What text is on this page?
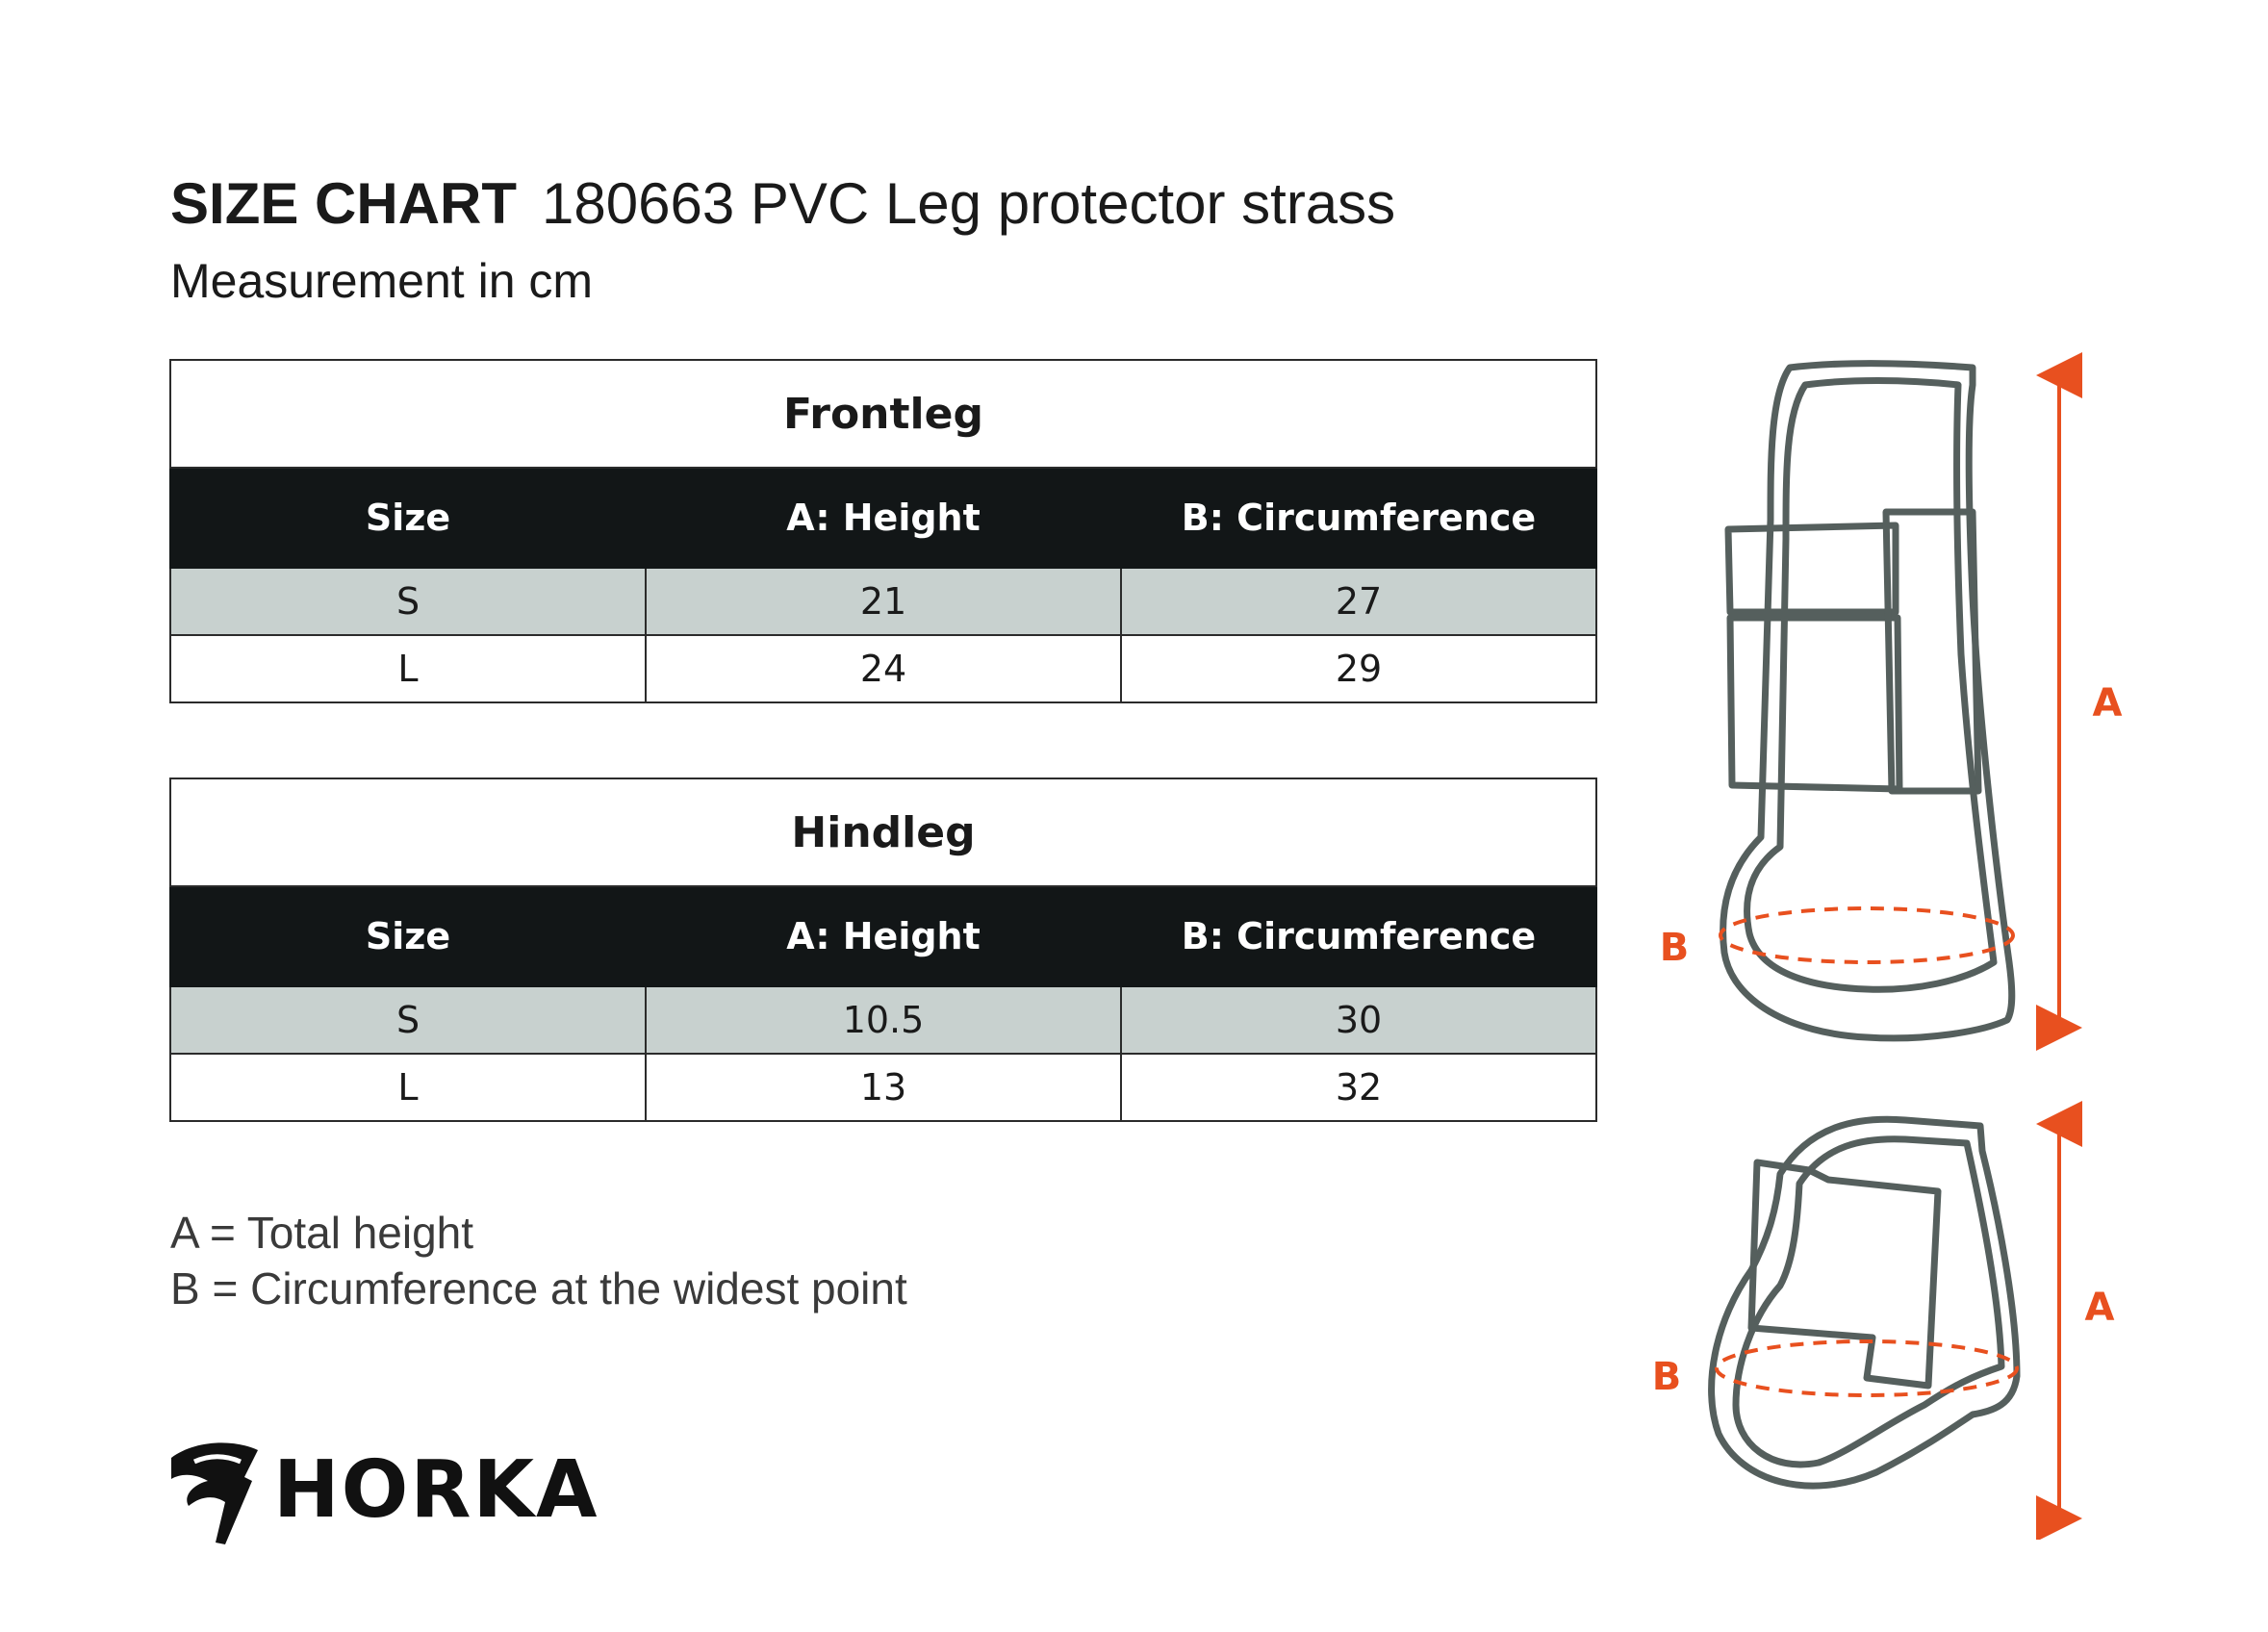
SIZE CHART 180663 PVC Leg protector strass
Measurement in cm
Frontleg		
Size	A: Height	B: Circumference
S	21	27
L	24	29
Hindleg		
Size	A: Height	B: Circumference
S	10.5	30
L	13	32
A = Total height
B = Circumference at the widest point
HORKA
A
B
A
B
